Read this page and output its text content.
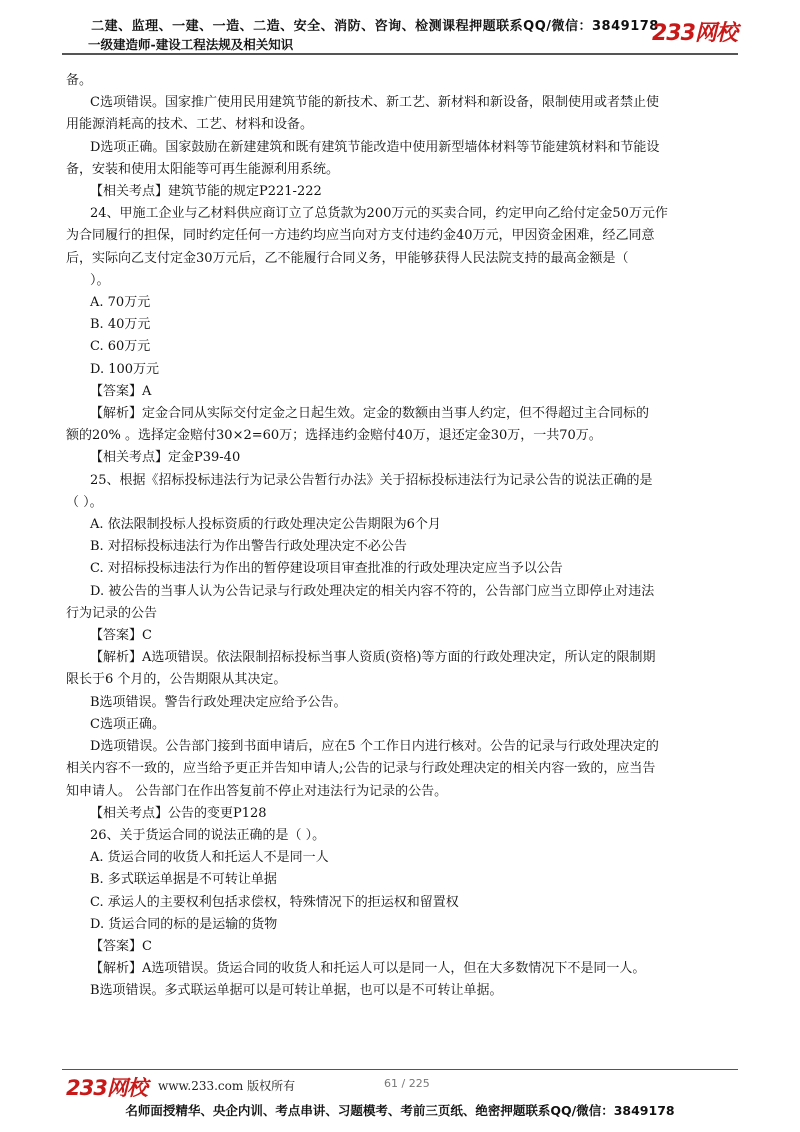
二建、监理、一建、一造、二造、安全、消防、咨询、检测课程押题联系QQ/微信：3849178
一级建造师-建设工程法规及相关知识	233网校

备。

C选项错误。国家推广使用民用建筑节能的新技术、新工艺、新材料和新设备，限制使用或者禁止使

用能源消耗高的技术、工艺、材料和设备。

D选项正确。国家鼓励在新建建筑和既有建筑节能改造中使用新型墙体材料等节能建筑材料和节能设

备，安装和使用太阳能等可再生能源利用系统。

【相关考点】建筑节能的规定P221-222

24、甲施工企业与乙材料供应商订立了总货款为200万元的买卖合同，约定甲向乙给付定金50万元作

为合同履行的担保，同时约定任何一方违约均应当向对方支付违约金40万元，甲因资金困难，经乙同意

后，实际向乙支付定金30万元后，乙不能履行合同义务，甲能够获得人民法院支持的最高金额是（

）。

A. 70万元

B. 40万元

C. 60万元

D. 100万元

【答案】A

【解析】定金合同从实际交付定金之日起生效。定金的数额由当事人约定，但不得超过主合同标的

额的20% 。选择定金赔付30×2=60万；选择违约金赔付40万，退还定金30万，一共70万。

【相关考点】定金P39-40

25、根据《招标投标违法行为记录公告暂行办法》关于招标投标违法行为记录公告的说法正确的是

（ ）。

A. 依法限制投标人投标资质的行政处理决定公告期限为6个月

B. 对招标投标违法行为作出警告行政处理决定不必公告

C. 对招标投标违法行为作出的暂停建设项目审查批准的行政处理决定应当予以公告

D. 被公告的当事人认为公告记录与行政处理决定的相关内容不符的，公告部门应当立即停止对违法

行为记录的公告

【答案】C

【解析】A选项错误。依法限制招标投标当事人资质(资格)等方面的行政处理决定，所认定的限制期

限长于6 个月的，公告期限从其决定。

B选项错误。警告行政处理决定应给予公告。

C选项正确。

D选项错误。公告部门接到书面申请后，应在5 个工作日内进行核对。公告的记录与行政处理决定的

相关内容不一致的，应当给予更正并告知申请人;公告的记录与行政处理决定的相关内容一致的，应当告

知申请人。 公告部门在作出答复前不停止对违法行为记录的公告。

【相关考点】公告的变更P128

26、关于货运合同的说法正确的是（ ）。

A. 货运合同的收货人和托运人不是同一人

B. 多式联运单据是不可转让单据

C. 承运人的主要权利包括求偿权，特殊情况下的拒运权和留置权

D. 货运合同的标的是运输的货物

【答案】C

【解析】A选项错误。货运合同的收货人和托运人可以是同一人，但在大多数情况下不是同一人。

B选项错误。多式联运单据可以是可转让单据，也可以是不可转让单据。

233网校 www.233.com 版权所有	61 / 225
名师面授精华、央企内训、考点串讲、习题模考、考前三页纸、绝密押题联系QQ/微信：3849178
